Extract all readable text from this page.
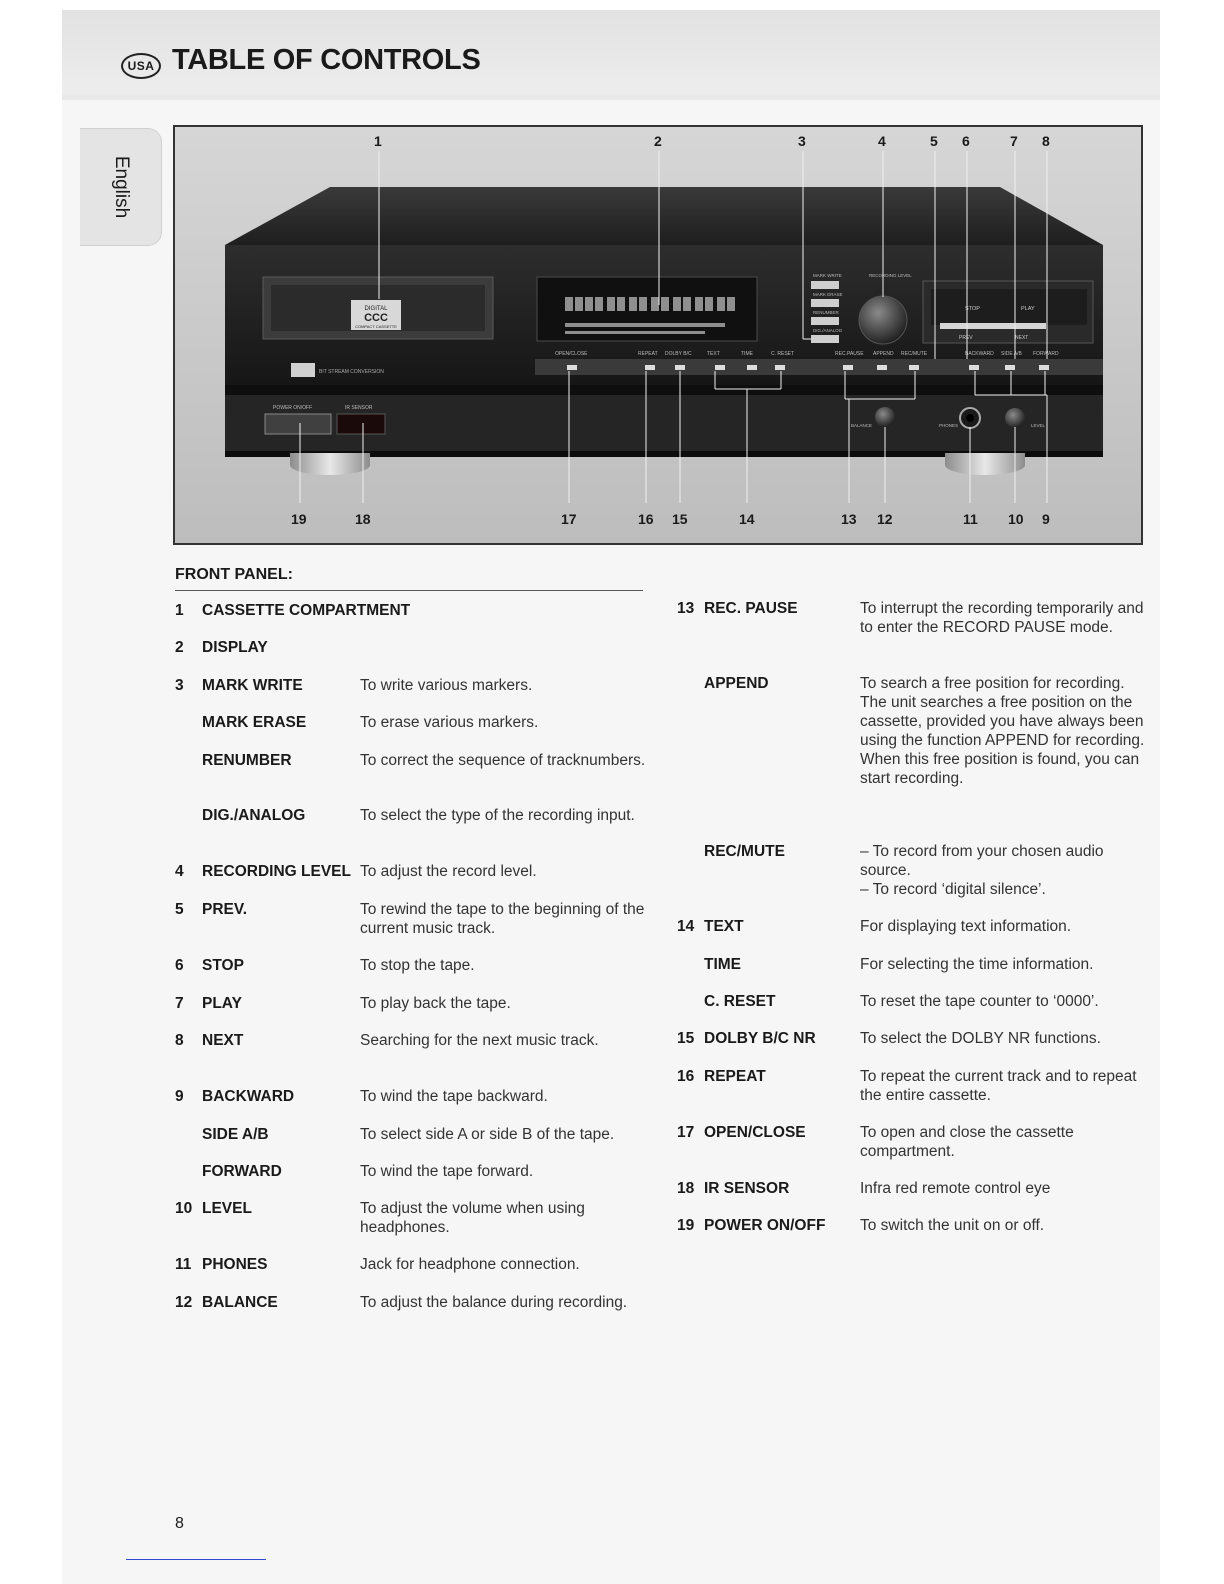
USA TABLE OF CONTROLS
English
DIGITAL
CCC
COMPACT CASSETTE
BIT STREAM CONVERSION
OPEN/CLOSE	REPEAT DOLBY B/C	TEXT	TIME	C. RESET	REC.PAUSE APPEND REC/MUTE	BACKWARD SIDE A/B FORWARD
MARK WRITE
MARK ERASE
RENUMBER
DIG./ANALOG
RECORDING LEVEL
STOP	PLAY
PREV	NEXT
POWER ON/OFF	IR SENSOR
BALANCE	PHONES	LEVEL
1	2	3	4	5 6	7 8
19	18	17	16 15	14	13 12	11 10 9
FRONT PANEL:
1 CASSETTE COMPARTMENT
2 DISPLAY
3 MARK WRITE	To write various markers.
MARK ERASE	To erase various markers.
RENUMBER	To correct the sequence of tracknumbers.
DIG./ANALOG	To select the type of the recording input.
4 RECORDING LEVEL To adjust the record level.
5 PREV.	To rewind the tape to the beginning of the current music track.
6 STOP	To stop the tape.
7 PLAY	To play back the tape.
8 NEXT	Searching for the next music track.
9 BACKWARD	To wind the tape backward.
SIDE A/B	To select side A or side B of the tape.
FORWARD	To wind the tape forward.
10 LEVEL	To adjust the volume when using headphones.
11 PHONES	Jack for headphone connection.
12 BALANCE	To adjust the balance during recording.
13 REC. PAUSE	To interrupt the recording temporarily and to enter the RECORD PAUSE mode.
APPEND	To search a free position for recording. The unit searches a free position on the cassette, provided you have always been using the function APPEND for recording. When this free position is found, you can start recording.
REC/MUTE	– To record from your chosen audio source.
– To record ‘digital silence’.
14 TEXT	For displaying text information.
TIME	For selecting the time information.
C. RESET	To reset the tape counter to ‘0000’.
15 DOLBY B/C NR	To select the DOLBY NR functions.
16 REPEAT	To repeat the current track and to repeat the entire cassette.
17 OPEN/CLOSE	To open and close the cassette compartment.
18 IR SENSOR	Infra red remote control eye
19 POWER ON/OFF To switch the unit on or off.
8
